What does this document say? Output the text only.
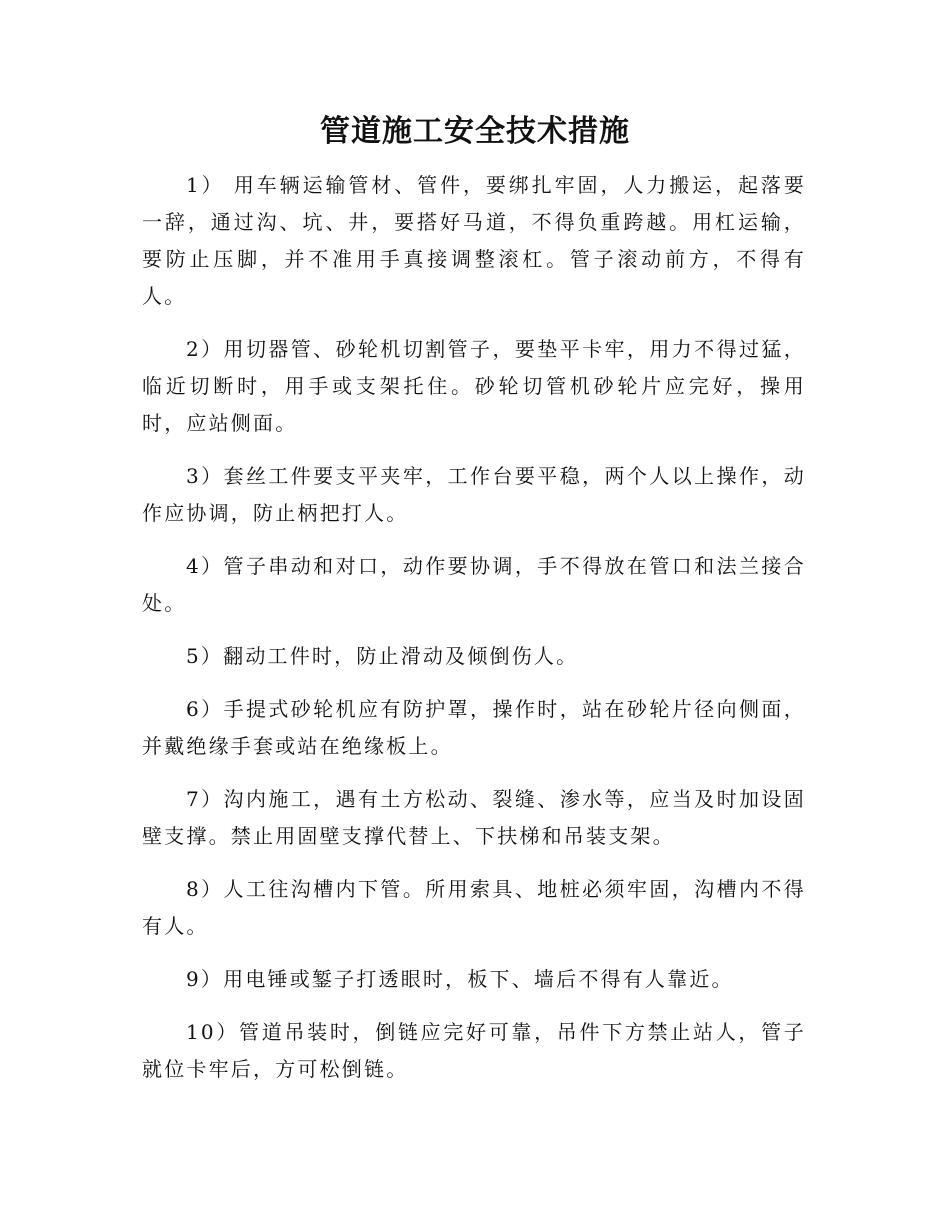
管道施工安全技术措施

1） 用车辆运输管材、管件，要绑扎牢固，人力搬运，起落要一辞，通过沟、坑、井，要搭好马道，不得负重跨越。用杠运输，要防止压脚，并不准用手真接调整滚杠。管子滚动前方，不得有人。

2）用切器管、砂轮机切割管子，要垫平卡牢，用力不得过猛，临近切断时，用手或支架托住。砂轮切管机砂轮片应完好，操用时，应站侧面。

3）套丝工件要支平夹牢，工作台要平稳，两个人以上操作，动作应协调，防止柄把打人。

4）管子串动和对口，动作要协调，手不得放在管口和法兰接合处。

5）翻动工件时，防止滑动及倾倒伤人。

6）手提式砂轮机应有防护罩，操作时，站在砂轮片径向侧面，并戴绝缘手套或站在绝缘板上。

7）沟内施工，遇有土方松动、裂缝、渗水等，应当及时加设固壁支撑。禁止用固壁支撑代替上、下扶梯和吊装支架。

8）人工往沟槽内下管。所用索具、地桩必须牢固，沟槽内不得有人。

9）用电锤或錾子打透眼时，板下、墙后不得有人靠近。

10）管道吊装时，倒链应完好可靠，吊件下方禁止站人，管子就位卡牢后，方可松倒链。
